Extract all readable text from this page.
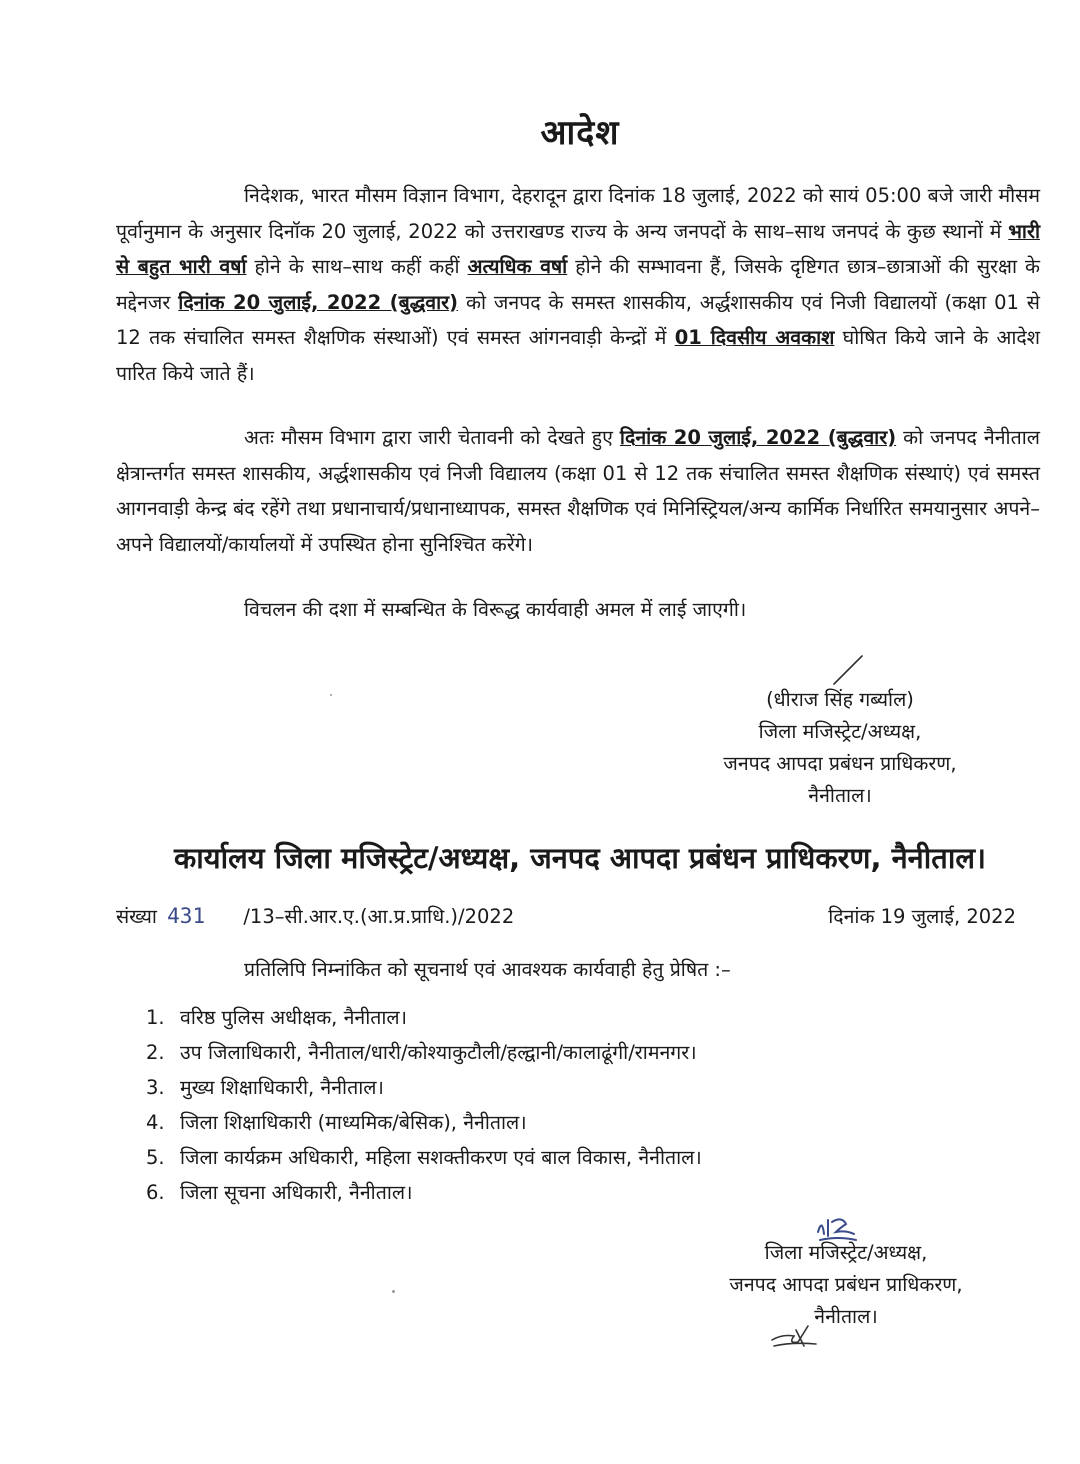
आदेश

निदेशक, भारत मौसम विज्ञान विभाग, देहरादून द्वारा दिनांक 18 जुलाई, 2022 को सायं 05:00 बजे जारी मौसम पूर्वानुमान के अनुसार दिनॉक 20 जुलाई, 2022 को उत्तराखण्ड राज्य के अन्य जनपदों के साथ–साथ जनपदं के कुछ स्थानों में भारी से बहुत भारी वर्षा होने के साथ–साथ कहीं कहीं अत्यधिक वर्षा होने की सम्भावना हैं, जिसके दृष्टिगत छात्र–छात्राओं की सुरक्षा के मद्देनजर दिनांक 20 जुलाई, 2022 (बुद्धवार) को जनपद के समस्त शासकीय, अर्द्धशासकीय एवं निजी विद्यालयों (कक्षा 01 से 12 तक संचालित समस्त शैक्षणिक संस्थाओं) एवं समस्त आंगनवाड़ी केन्द्रों में 01 दिवसीय अवकाश घोषित किये जाने के आदेश पारित किये जाते हैं।

अतः मौसम विभाग द्वारा जारी चेतावनी को देखते हुए दिनांक 20 जुलाई, 2022 (बुद्धवार) को जनपद नैनीताल क्षेत्रान्तर्गत समस्त शासकीय, अर्द्धशासकीय एवं निजी विद्यालय (कक्षा 01 से 12 तक संचालित समस्त शैक्षणिक संस्थाएं) एवं समस्त आगनवाड़ी केन्द्र बंद रहेंगे तथा प्रधानाचार्य/प्रधानाध्यापक, समस्त शैक्षणिक एवं मिनिस्ट्रियल/अन्य कार्मिक निर्धारित समयानुसार अपने–अपने विद्यालयों/कार्यालयों में उपस्थित होना सुनिश्चित करेंगे।

विचलन की दशा में सम्बन्धित के विरूद्ध कार्यवाही अमल में लाई जाएगी।

(धीराज सिंह गर्ब्याल)
जिला मजिस्ट्रेट/अध्यक्ष,
जनपद आपदा प्रबंधन प्राधिकरण,
नैनीताल।
कार्यालय जिला मजिस्ट्रेट/अध्यक्ष, जनपद आपदा प्रबंधन प्राधिकरण, नैनीताल।
संख्या 431 /13–सी.आर.ए.(आ.प्र.प्राधि.)/2022	दिनांक 19 जुलाई, 2022
प्रतिलिपि निम्नांकित को सूचनार्थ एवं आवश्यक कार्यवाही हेतु प्रेषित :–
1. वरिष्ठ पुलिस अधीक्षक, नैनीताल।
2. उप जिलाधिकारी, नैनीताल/धारी/कोश्याकुटौली/हल्द्वानी/कालाढूंगी/रामनगर।
3. मुख्य शिक्षाधिकारी, नैनीताल।
4. जिला शिक्षाधिकारी (माध्यमिक/बेसिक), नैनीताल।
5. जिला कार्यक्रम अधिकारी, महिला सशक्तीकरण एवं बाल विकास, नैनीताल।
6. जिला सूचना अधिकारी, नैनीताल।
जिला मजिस्ट्रेट/अध्यक्ष,
जनपद आपदा प्रबंधन प्राधिकरण,
नैनीताल।
